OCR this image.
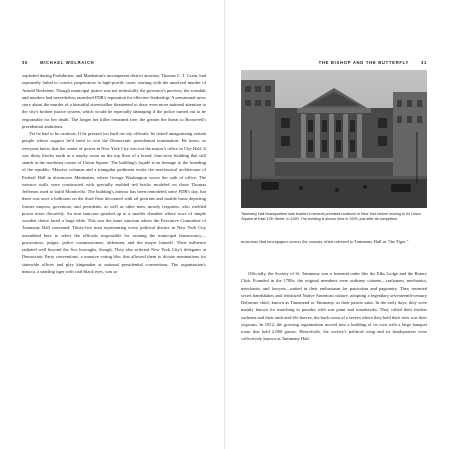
30	MICHAEL WOLRAICH

exploded during Prohibition, and Manhattan's incompetent district attorney, Thomas C. T. Crain, had repeatedly failed to convict perpetrators in high-profile cases, starting with the unsolved murder of Arnold Rothstein. Though municipal justice was not technically the governor's purview, the scandals and murders had nevertheless tarnished FDR's reputation for effective leadership. A sensational news story about the murder of a beautiful streetwalker threatened to draw even more national attention to the city's broken justice system, which would be especially damaging if the police turned out to be responsible for her death. The longer her killer remained free, the greater the threat to Roosevelt's presidential ambitions.

Yet he had to be cautious. If he pressed too hard on city officials, he risked antagonizing certain people whose support he'd need to win the Democratic presidential nomination. He knew, as everyone knew, that the center of power in New York City was not the mayor's office in City Hall. It was thirty blocks north in a smoky room on the top floor of a broad, four-story building that still stands at the northeast corner of Union Square. The building's façade is an homage to the founding of the republic. Massive columns and a triangular pediment evoke the neoclassical architecture of Federal Hall in downtown Manhattan, where George Washington swore the oath of office. The exterior walls were constructed with specially molded red bricks modeled on those Thomas Jefferson used to build Monticello. The building's interior has been remodeled since FDR's day, but there was once a ballroom on the third floor decorated with oil portraits and marble busts depicting former mayors, governors, and presidents, as well as other men, mostly forgotten, who wielded power more discreetly. An iron staircase spiraled up to a smaller chamber where rows of simple wooden chairs faced a large table. This was the inner sanctum where the Executive Committee of Tammany Hall convened. Thirty-five men representing every political district in New York City assembled here to select the officials responsible for running the municipal bureaucracy—prosecutors, judges, police commissioners, aldermen, and the mayor himself. Their influence radiated well beyond the five boroughs, though. They also selected New York City's delegates at Democratic Party conventions, a massive voting bloc that allowed them to dictate nominations for statewide offices and play kingmaker at national presidential conventions. The organization's mascot, a snarling tiger with coal-black eyes, was so

THE BISHOP AND THE BUTTERFLY	31
Tammany Hall headquarters was located in several premises locations in New York before moving to 44 Union Square at East 17th Street, in 1929. The building is shown here in 1929, just after its completion.

notorious that newspapers across the country often referred to Tammany Hall as "the Tiger."

Officially, the Society of St. Tammany was a fraternal order like the Elks Lodge and the Rotary Club. Founded in the 1780s, the original members were ordinary citizens—craftsmen, mechanics, merchants, and lawyers—united in their enthusiasm for patriotism and pageantry. They invented secret handshakes and fetishized Native American culture, adopting a legendary seventeenth-century Delaware chief, known as Tamanend or Tammany, as their patron saint. In the early days, they were mainly known for marching in parades with war paint and tomahawks. They called their leaders sachems and their rank-and-file braves; the back room of a tavern where they held their rites was their wigwam. In 1812, the growing organization moved into a building of its own with a large banquet room that held 2,000 guests. Henceforth, the society's political wing and its headquarters were collectively known as Tammany Hall.
